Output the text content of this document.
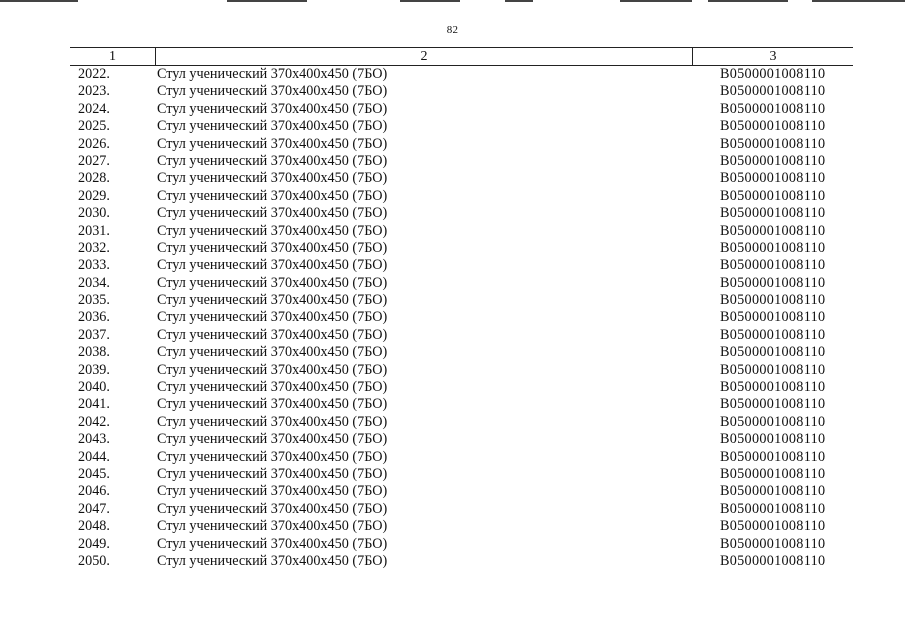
82
1	2	3
2022.	Стул ученический 370х400х450 (7БО)	B0500001008110
2023.	Стул ученический 370х400х450 (7БО)	B0500001008110
2024.	Стул ученический 370х400х450 (7БО)	B0500001008110
2025.	Стул ученический 370х400х450 (7БО)	B0500001008110
2026.	Стул ученический 370х400х450 (7БО)	B0500001008110
2027.	Стул ученический 370х400х450 (7БО)	B0500001008110
2028.	Стул ученический 370х400х450 (7БО)	B0500001008110
2029.	Стул ученический 370х400х450 (7БО)	B0500001008110
2030.	Стул ученический 370х400х450 (7БО)	B0500001008110
2031.	Стул ученический 370х400х450 (7БО)	B0500001008110
2032.	Стул ученический 370х400х450 (7БО)	B0500001008110
2033.	Стул ученический 370х400х450 (7БО)	B0500001008110
2034.	Стул ученический 370х400х450 (7БО)	B0500001008110
2035.	Стул ученический 370х400х450 (7БО)	B0500001008110
2036.	Стул ученический 370х400х450 (7БО)	B0500001008110
2037.	Стул ученический 370х400х450 (7БО)	B0500001008110
2038.	Стул ученический 370х400х450 (7БО)	B0500001008110
2039.	Стул ученический 370х400х450 (7БО)	B0500001008110
2040.	Стул ученический 370х400х450 (7БО)	B0500001008110
2041.	Стул ученический 370х400х450 (7БО)	B0500001008110
2042.	Стул ученический 370х400х450 (7БО)	B0500001008110
2043.	Стул ученический 370х400х450 (7БО)	B0500001008110
2044.	Стул ученический 370х400х450 (7БО)	B0500001008110
2045.	Стул ученический 370х400х450 (7БО)	B0500001008110
2046.	Стул ученический 370х400х450 (7БО)	B0500001008110
2047.	Стул ученический 370х400х450 (7БО)	B0500001008110
2048.	Стул ученический 370х400х450 (7БО)	B0500001008110
2049.	Стул ученический 370х400х450 (7БО)	B0500001008110
2050.	Стул ученический 370х400х450 (7БО)	B0500001008110
